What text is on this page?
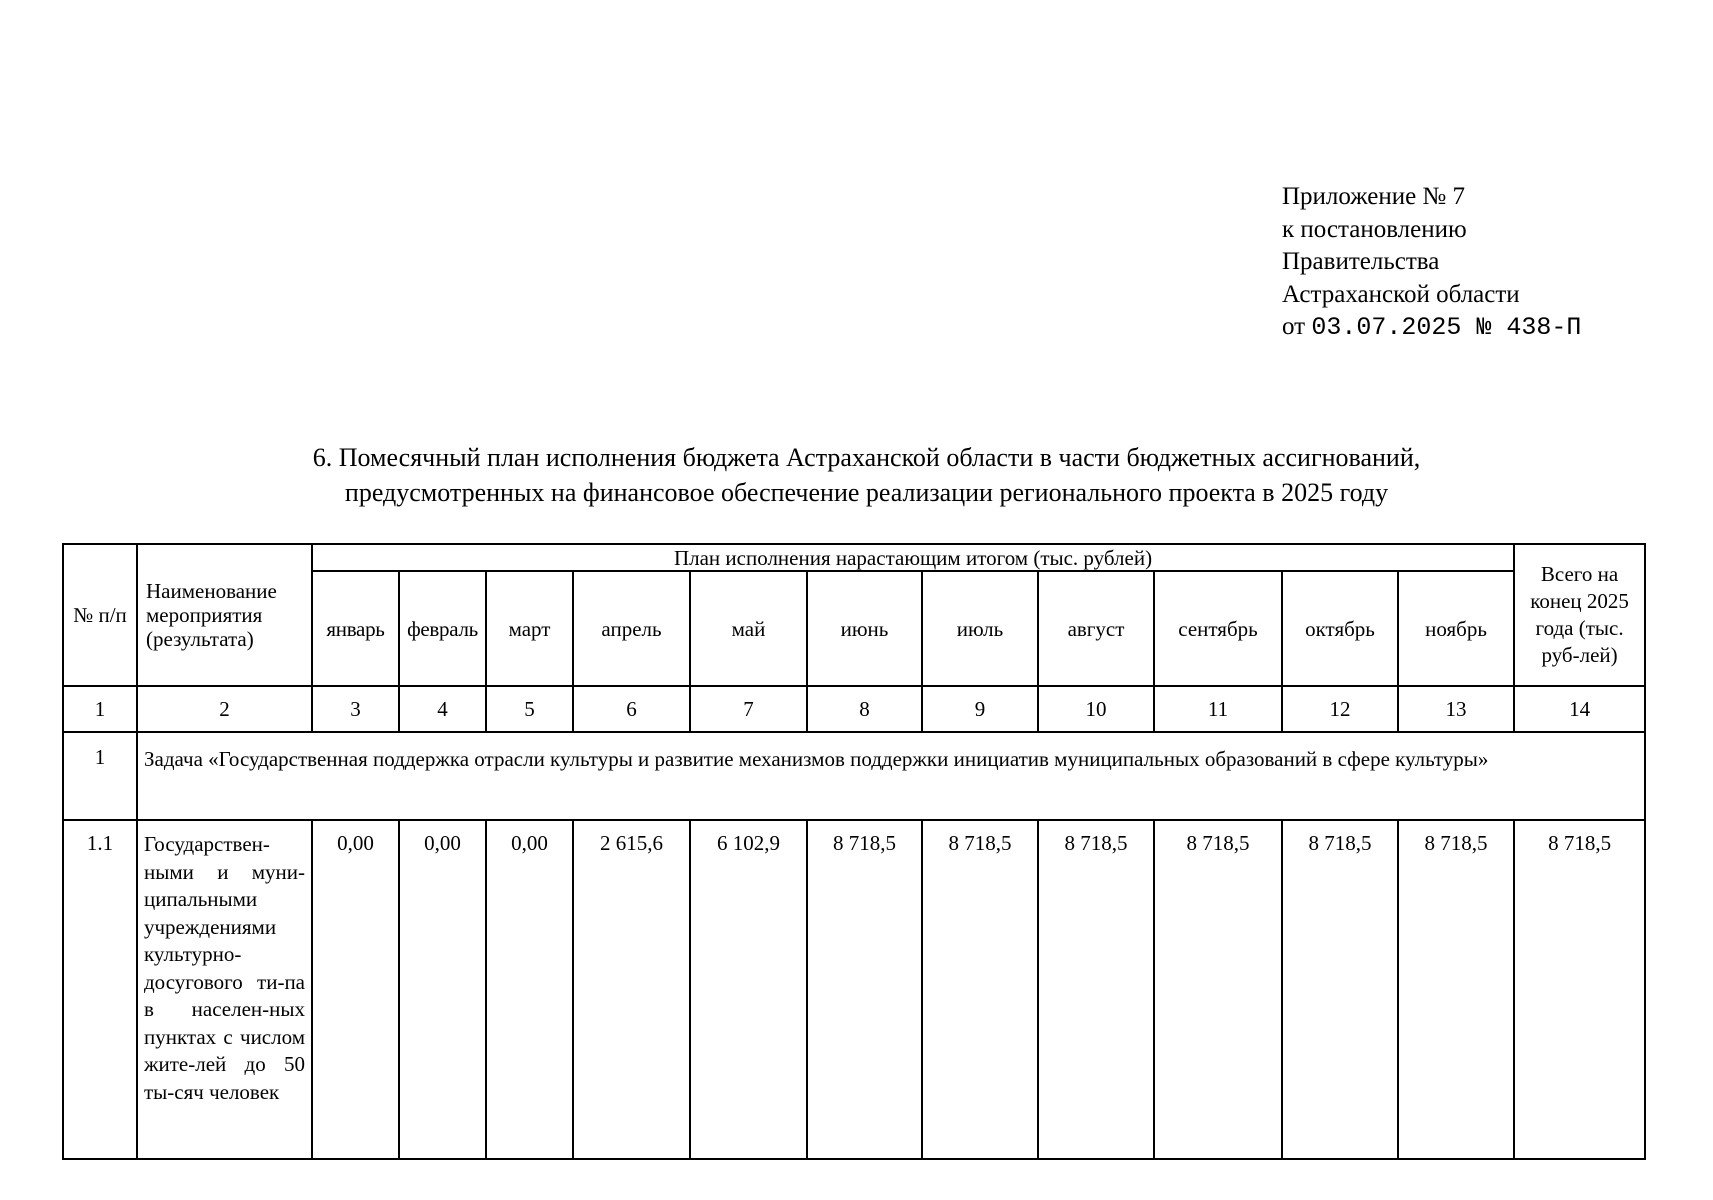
Приложение № 7
к постановлению
Правительства
Астраханской области
от 03.07.2025 № 438-П
6. Помесячный план исполнения бюджета Астраханской области в части бюджетных ассигнований,
предусмотренных на финансовое обеспечение реализации регионального проекта в 2025 году
№ п/п	Наименование мероприятия (результата)	План исполнения нарастающим итогом (тыс. рублей)											Всего на конец 2025 года (тыс. руб-лей)
		январь	февраль	март	апрель	май	июнь	июль	август	сентябрь	октябрь	ноябрь	
1	2	3	4	5	6	7	8	9	10	11	12	13	14
1	Задача «Государственная поддержка отрасли культуры и развитие механизмов поддержки инициатив муниципальных образований в сфере культуры»												
1.1	Государствен-ными и муни-ципальными учреждениями культурно-досугового ти-па в населен-ных пунктах с числом жите-лей до 50 ты-сяч человек	0,00	0,00	0,00	2 615,6	6 102,9	8 718,5	8 718,5	8 718,5	8 718,5	8 718,5	8 718,5	8 718,5
